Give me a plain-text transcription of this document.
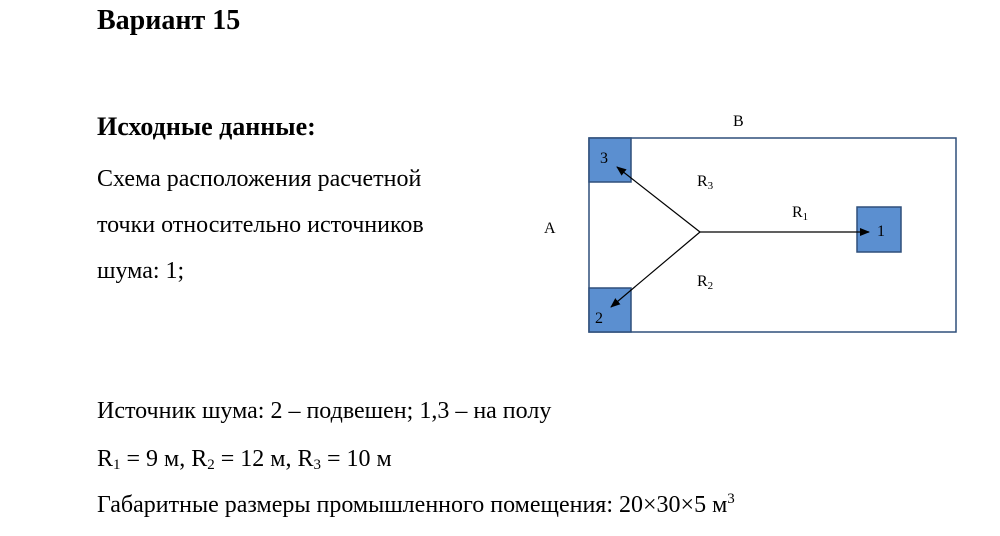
Вариант 15
Исходные данные:
Схема расположения расчетной
точки относительно источников
шума: 1;
A
B
3
2
1
R3
R1
R2
Источник шума: 2 – подвешен; 1,3 – на полу
$R_1 = 9$ м, $R_2 = 12$ м, $R_3 = 10$ м
Габаритные размеры промышленного помещения: 20×30×5 $м^3$
